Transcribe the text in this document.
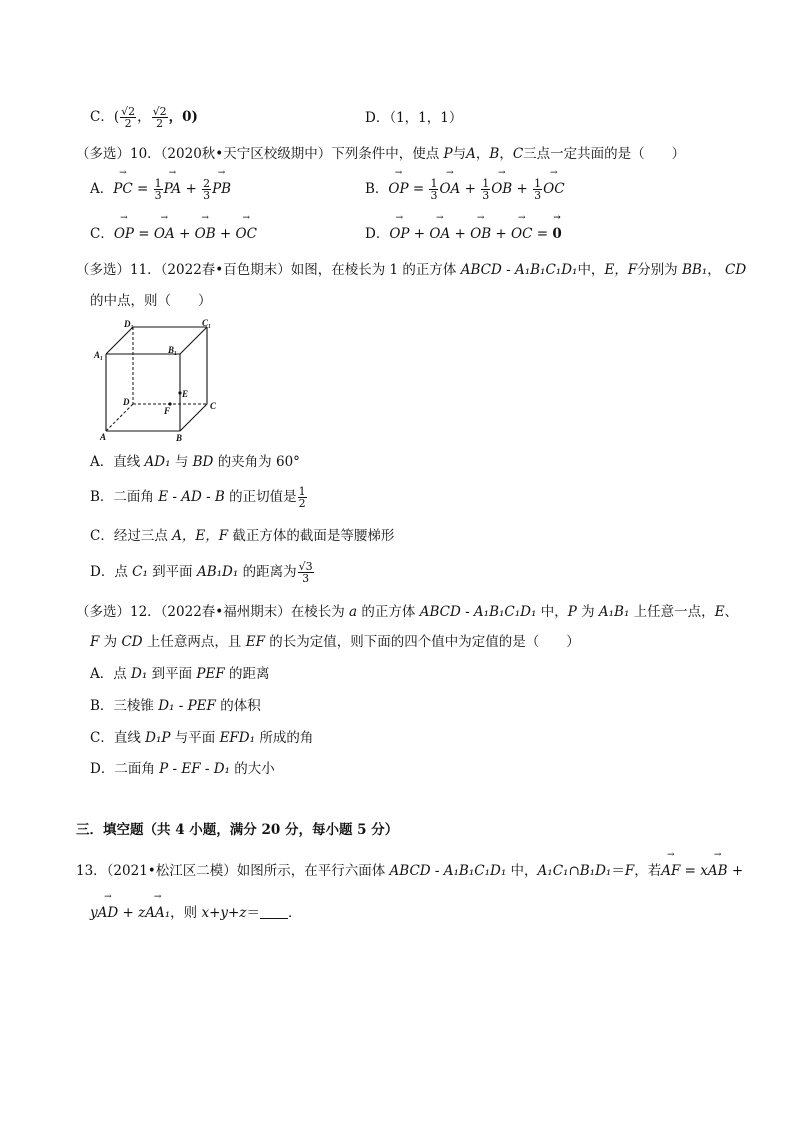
C．( $\frac{√2}{2}$ ， $\frac{√2}{2}$ ，0)	D．（1，1，1）
（多选）10．（2020秋•天宁区校级期中）下列条件中，使点 P与A，B，C三点一定共面的是（　　）
A．→ PC = $\frac{1}{3}$ → PA + $\frac{2}{3}$ → PB	B．→ OP = $\frac{1}{3}$ → OA + $\frac{1}{3}$ → OB + $\frac{1}{3}$ → OC
C．→ OP = → OA + → OB + → OC	D．→ OP + → OA + → OB + → OC = → 0
（多选）11．（2022春•百色期末）如图，在棱长为 1 的正方体 ABCD - A₁B₁C₁D₁中，E，F分别为 BB₁， CD
的中点，则（　　）
D₁	C₁
A₁	B₁
E
D
F	C
A	B
A．直线 AD₁ 与 BD 的夹角为 60°
B．二面角 E - AD - B 的正切值是 $\frac{1}{2}$
C．经过三点 A，E，F 截正方体的截面是等腰梯形
D．点 C₁ 到平面 AB₁D₁ 的距离为 $\frac{√3}{3}$
（多选）12．（2022春•福州期末）在棱长为 a 的正方体 ABCD - A₁B₁C₁D₁ 中，P 为 A₁B₁ 上任意一点，E、
F 为 CD 上任意两点，且 EF 的长为定值，则下面的四个值中为定值的是（　　）
A．点 D₁ 到平面 PEF 的距离
B．三棱锥 D₁ - PEF 的体积
C．直线 D₁P 与平面 EFD₁ 所成的角
D．二面角 P - EF - D₁ 的大小
三．填空题（共 4 小题，满分 20 分，每小题 5 分）
13．（2021•松江区二模）如图所示，在平行六面体 ABCD - A₁B₁C₁D₁ 中，A₁C₁∩B₁D₁＝F，若→ AF = x→ AB +
y→ AD + z→ AA₁，则 x+y+z＝ ．
